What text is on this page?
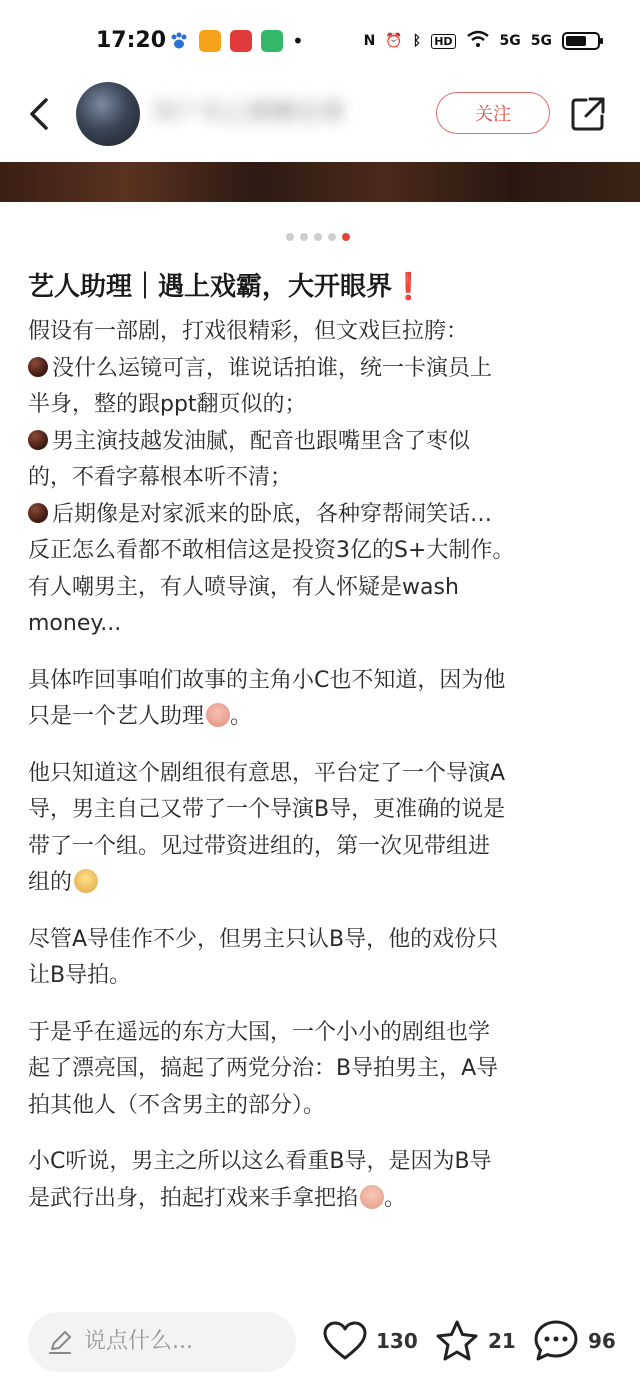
17:20	•	N ⏰ ᛒ HD	5G 5G
用户名已模糊处理	关注
艺人助理｜遇上戏霸，大开眼界❗
假设有一部剧，打戏很精彩，但文戏巨拉胯：
没什么运镜可言，谁说话拍谁，统一卡演员上
半身，整的跟ppt翻页似的；
男主演技越发油腻，配音也跟嘴里含了枣似
的，不看字幕根本听不清；
后期像是对家派来的卧底，各种穿帮闹笑话…
反正怎么看都不敢相信这是投资3亿的S+大制作。
有人嘲男主，有人喷导演，有人怀疑是wash
money...
具体咋回事咱们故事的主角小C也不知道，因为他
只是一个艺人助理 。
他只知道这个剧组很有意思，平台定了一个导演A
导，男主自己又带了一个导演B导，更准确的说是
带了一个组。见过带资进组的，第一次见带组进
组的
尽管A导佳作不少，但男主只认B导，他的戏份只
让B导拍。
于是乎在遥远的东方大国，一个小小的剧组也学
起了漂亮国，搞起了两党分治：B导拍男主，A导
拍其他人（不含男主的部分）。
小C听说，男主之所以这么看重B导，是因为B导
是武行出身，拍起打戏来手拿把掐 。
说点什么...	130	21	96
